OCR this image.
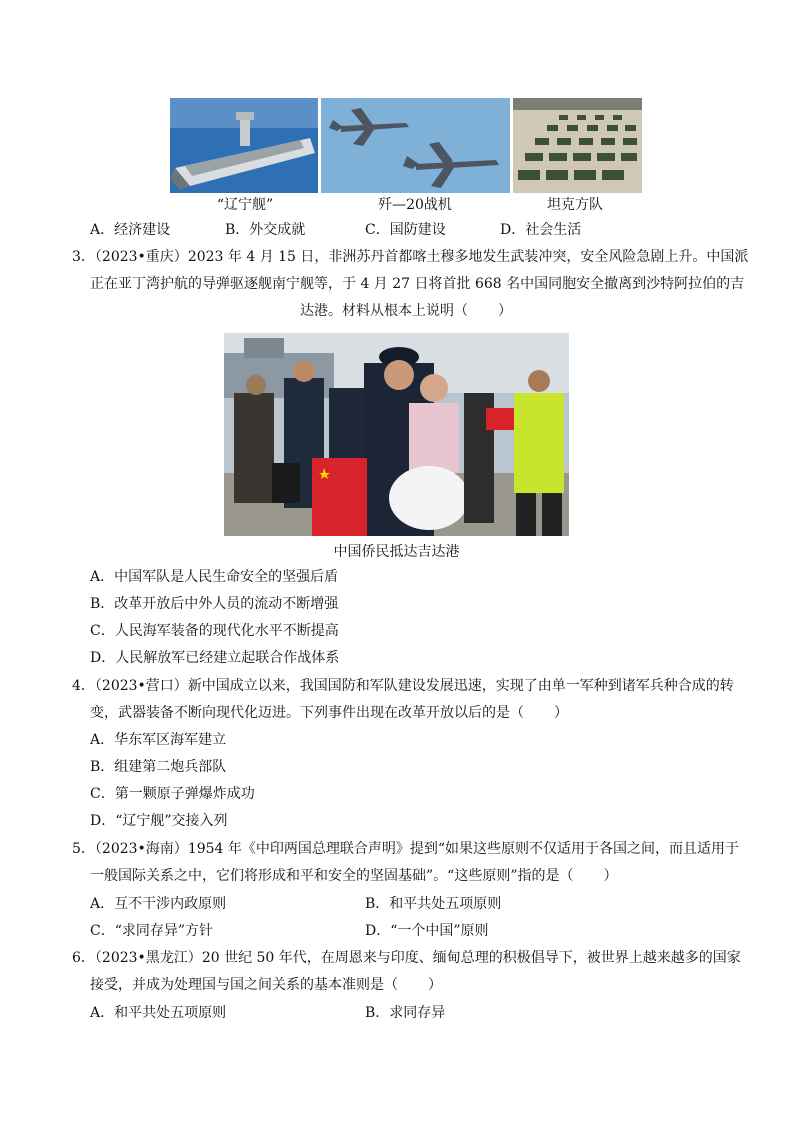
“辽宁舰”	歼—20战机	坦克方队
A．经济建设	B．外交成就	C．国防建设	D．社会生活
3．（2023•重庆）2023 年 4 月 15 日，非洲苏丹首都喀土穆多地发生武装冲突，安全风险急剧上升。中国派
正在亚丁湾护航的导弹驱逐舰南宁舰等，于 4 月 27 日将首批 668 名中国同胞安全撤离到沙特阿拉伯的吉
达港。材料从根本上说明（ ）
中国侨民抵达吉达港
A．中国军队是人民生命安全的坚强后盾
B．改革开放后中外人员的流动不断增强
C．人民海军装备的现代化水平不断提高
D．人民解放军已经建立起联合作战体系
4．（2023•营口）新中国成立以来，我国国防和军队建设发展迅速，实现了由单一军种到诸军兵种合成的转
变，武器装备不断向现代化迈进。下列事件出现在改革开放以后的是（ ）
A．华东军区海军建立
B．组建第二炮兵部队
C．第一颗原子弹爆炸成功
D．“辽宁舰”交接入列
5．（2023•海南）1954 年《中印两国总理联合声明》提到“如果这些原则不仅适用于各国之间，而且适用于
一般国际关系之中，它们将形成和平和安全的坚固基础”。“这些原则”指的是（ ）
A．互不干涉内政原则	B．和平共处五项原则
C．“求同存异”方针	D．“一个中国”原则
6．（2023•黑龙江）20 世纪 50 年代，在周恩来与印度、缅甸总理的积极倡导下，被世界上越来越多的国家
接受，并成为处理国与国之间关系的基本准则是（ ）
A．和平共处五项原则	B．求同存异
